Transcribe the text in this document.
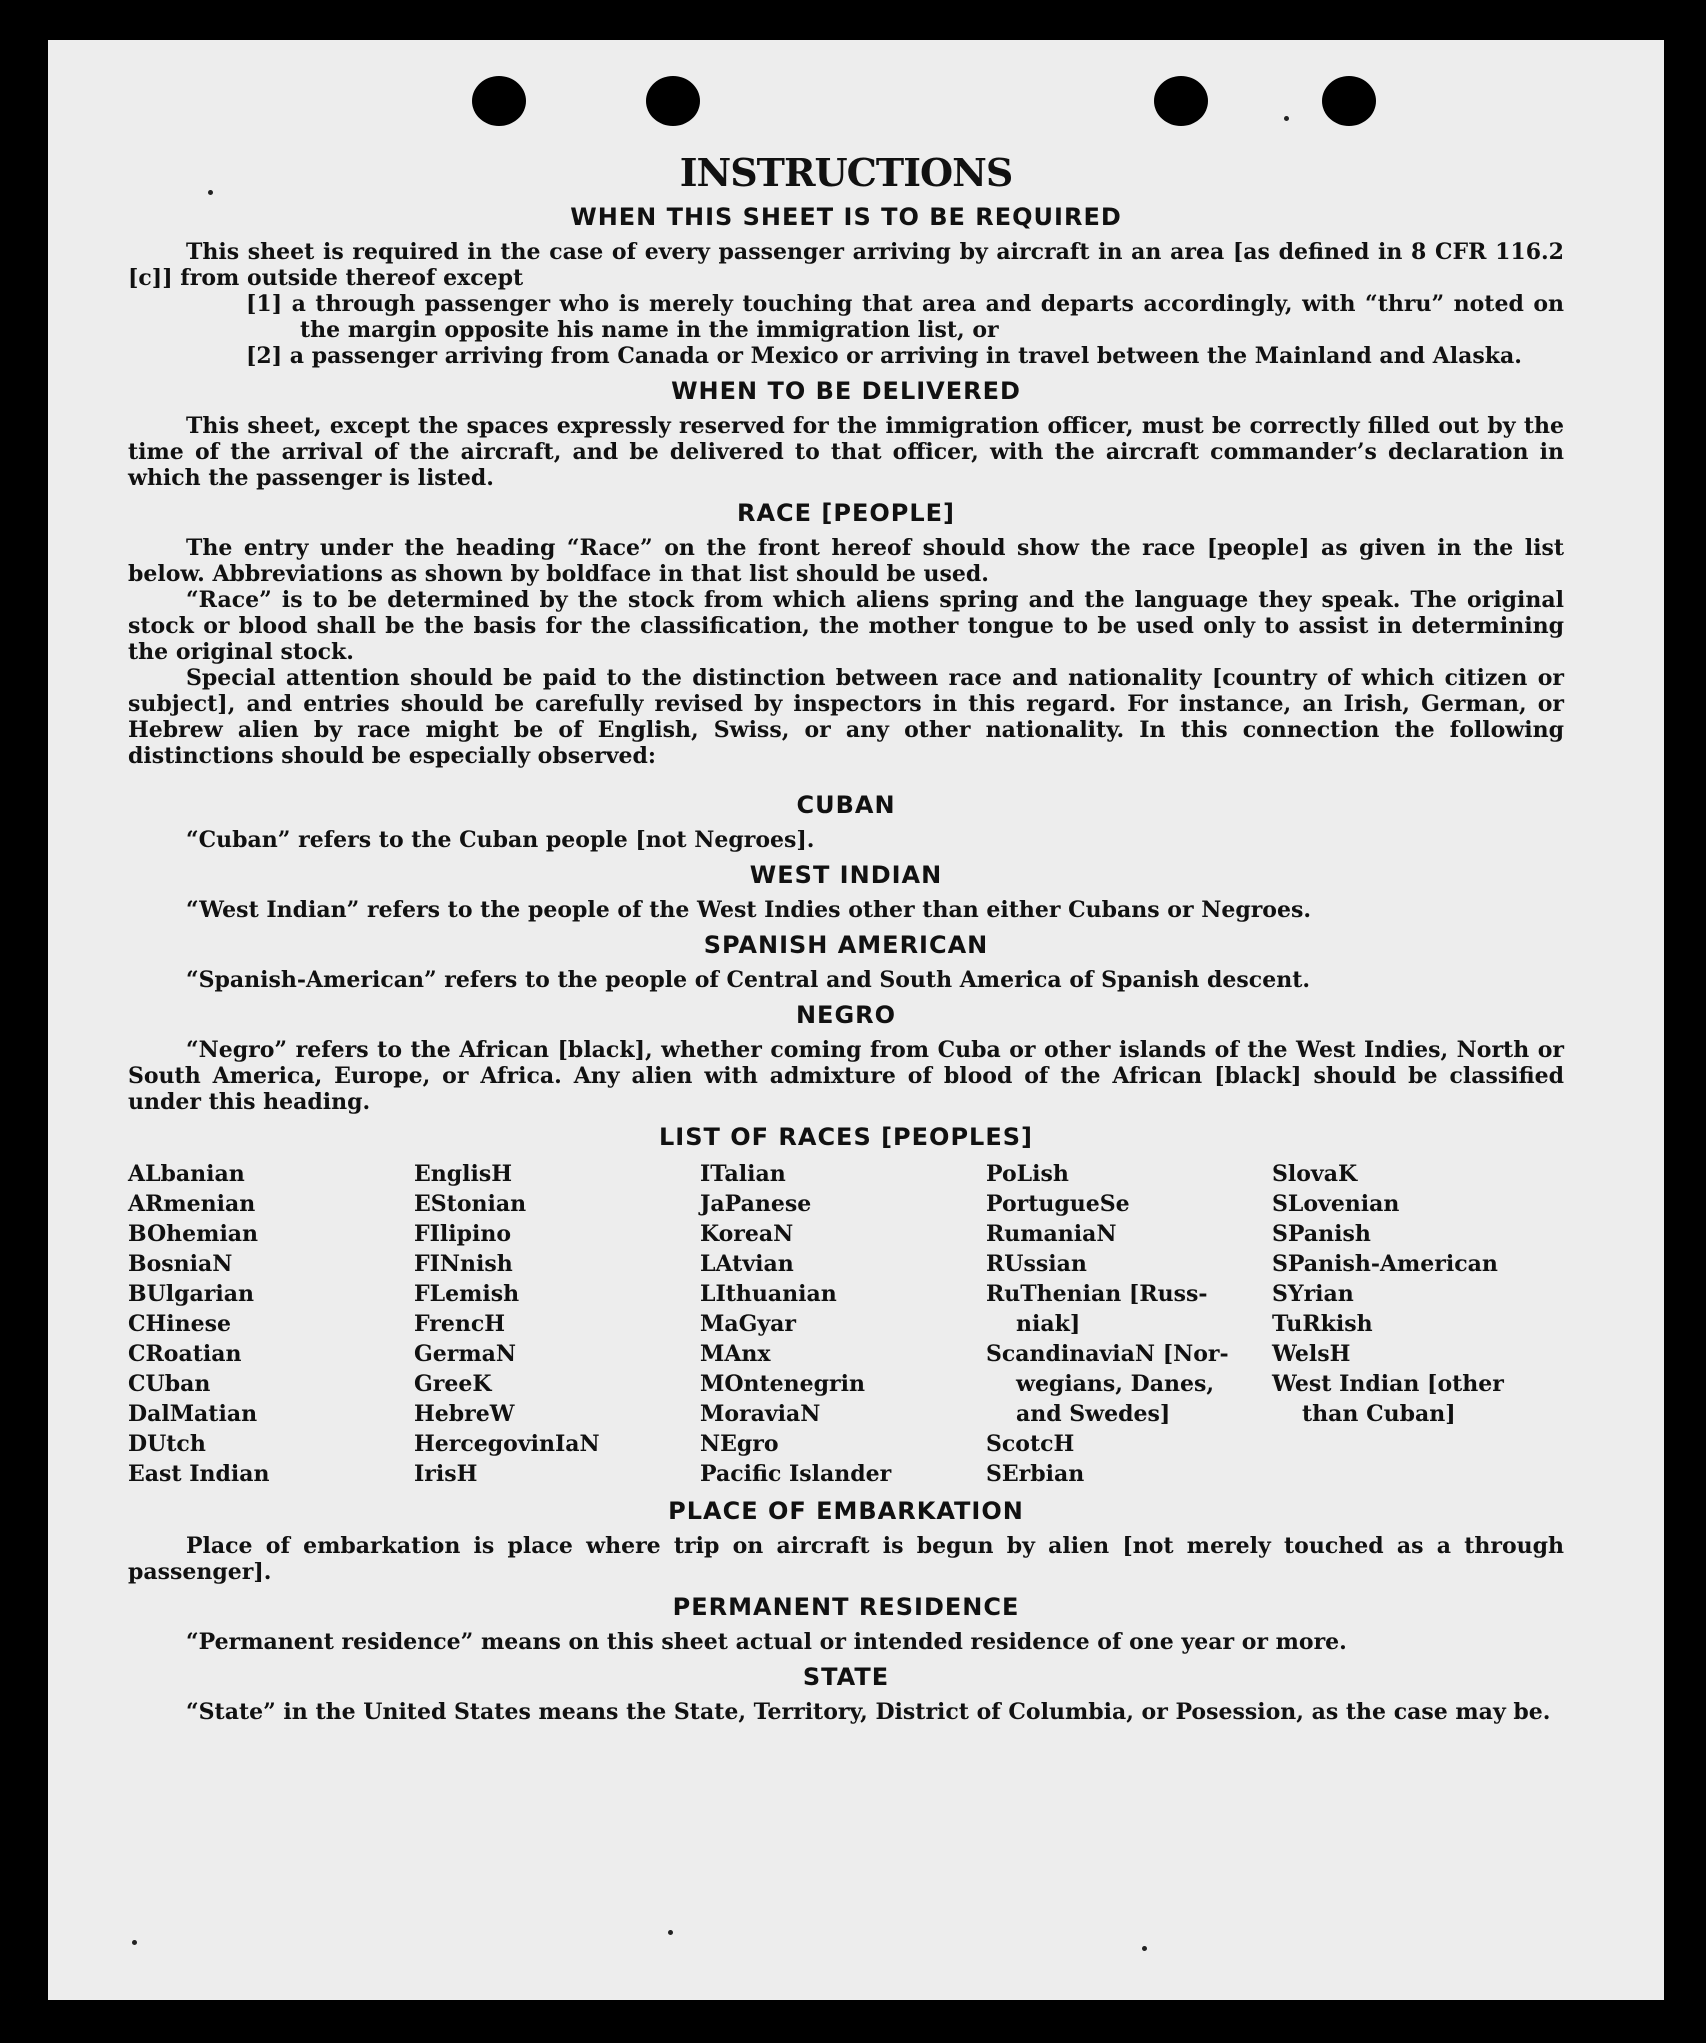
INSTRUCTIONS
WHEN THIS SHEET IS TO BE REQUIRED

This sheet is required in the case of every passenger arriving by aircraft in an area [as defined in 8 CFR 116.2 [c]] from outside thereof except

[1] a through passenger who is merely touching that area and departs accordingly, with “thru” noted on the margin opposite his name in the immigration list, or
[2] a passenger arriving from Canada or Mexico or arriving in travel between the Mainland and Alaska.
WHEN TO BE DELIVERED

This sheet, except the spaces expressly reserved for the immigration officer, must be correctly filled out by the time of the arrival of the aircraft, and be delivered to that officer, with the aircraft commander’s declaration in which the passenger is listed.

RACE [PEOPLE]

The entry under the heading “Race” on the front hereof should show the race [people] as given in the list below. Abbreviations as shown by boldface in that list should be used.

“Race” is to be determined by the stock from which aliens spring and the language they speak. The original stock or blood shall be the basis for the classification, the mother tongue to be used only to assist in determining the original stock.

Special attention should be paid to the distinction between race and nationality [country of which citizen or subject], and entries should be carefully revised by inspectors in this regard. For instance, an Irish, German, or Hebrew alien by race might be of English, Swiss, or any other nationality. In this connection the following distinctions should be especially observed:

CUBAN

“Cuban” refers to the Cuban people [not Negroes].

WEST INDIAN

“West Indian” refers to the people of the West Indies other than either Cubans or Negroes.

SPANISH AMERICAN

“Spanish-American” refers to the people of Central and South America of Spanish descent.

NEGRO

“Negro” refers to the African [black], whether coming from Cuba or other islands of the West Indies, North or South America, Europe, or Africa. Any alien with admixture of blood of the African [black] should be classified under this heading.

LIST OF RACES [PEOPLES]
ALbanian
ARmenian
BOhemian
BosniaN
BUlgarian
CHinese
CRoatian
CUban
DalMatian
DUtch
East Indian
EnglisH
EStonian
FIlipino
FINnish
FLemish
FrencH
GermaN
GreeK
HebreW
HercegovinIaN
IrisH
ITalian
JaPanese
KoreaN
LAtvian
LIthuanian
MaGyar
MAnx
MOntenegrin
MoraviaN
NEgro
Pacific Islander
PoLish
PortugueSe
RumaniaN
RUssian
RuThenian [Russ-
niak]
ScandinaviaN [Nor-
wegians, Danes,
and Swedes]
ScotcH
SErbian
SlovaK
SLovenian
SPanish
SPanish-American
SYrian
TuRkish
WelsH
West Indian [other
than Cuban]
PLACE OF EMBARKATION

Place of embarkation is place where trip on aircraft is begun by alien [not merely touched as a through passenger].

PERMANENT RESIDENCE

“Permanent residence” means on this sheet actual or intended residence of one year or more.

STATE

“State” in the United States means the State, Territory, District of Columbia, or Posession, as the case may be.
